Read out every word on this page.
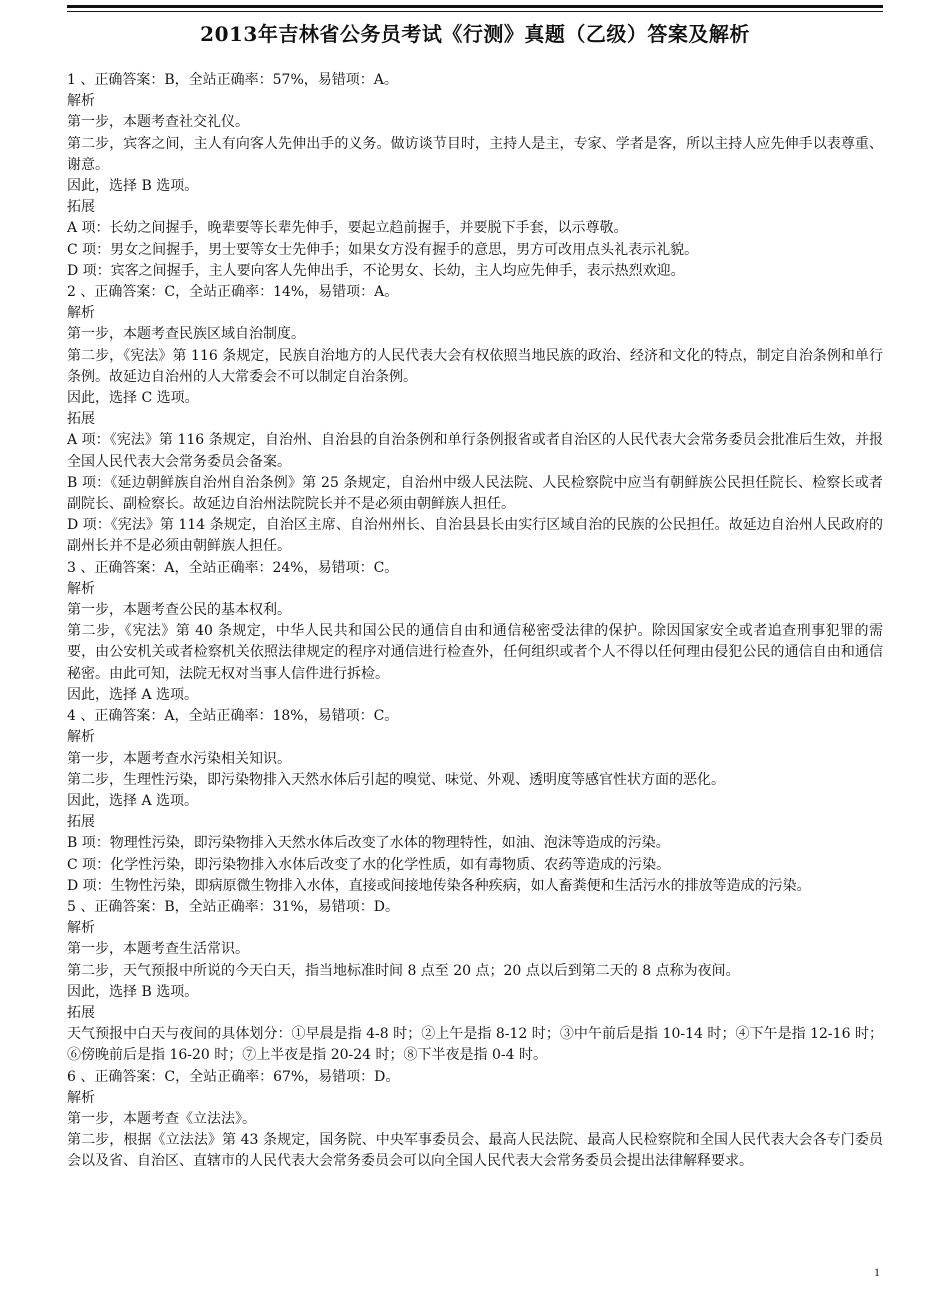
2013年吉林省公务员考试《行测》真题（乙级）答案及解析

1 、正确答案：B，全站正确率：57%，易错项：A。

解析

第一步，本题考查社交礼仪。

第二步，宾客之间，主人有向客人先伸出手的义务。做访谈节目时，主持人是主，专家、学者是客，所以主持人应先伸手以表尊重、谢意。

因此，选择 B 选项。

拓展

A 项：长幼之间握手，晚辈要等长辈先伸手，要起立趋前握手，并要脱下手套，以示尊敬。

C 项：男女之间握手，男士要等女士先伸手；如果女方没有握手的意思，男方可改用点头礼表示礼貌。

D 项：宾客之间握手，主人要向客人先伸出手，不论男女、长幼，主人均应先伸手，表示热烈欢迎。

2 、正确答案：C，全站正确率：14%，易错项：A。

解析

第一步，本题考查民族区域自治制度。

第二步，《宪法》第 116 条规定，民族自治地方的人民代表大会有权依照当地民族的政治、经济和文化的特点，制定自治条例和单行条例。故延边自治州的人大常委会不可以制定自治条例。

因此，选择 C 选项。

拓展

A 项：《宪法》第 116 条规定，自治州、自治县的自治条例和单行条例报省或者自治区的人民代表大会常务委员会批准后生效，并报全国人民代表大会常务委员会备案。

B 项：《延边朝鲜族自治州自治条例》第 25 条规定，自治州中级人民法院、人民检察院中应当有朝鲜族公民担任院长、检察长或者副院长、副检察长。故延边自治州法院院长并不是必须由朝鲜族人担任。

D 项：《宪法》第 114 条规定，自治区主席、自治州州长、自治县县长由实行区域自治的民族的公民担任。故延边自治州人民政府的副州长并不是必须由朝鲜族人担任。

3 、正确答案：A，全站正确率：24%，易错项：C。

解析

第一步，本题考查公民的基本权利。

第二步，《宪法》第 40 条规定，中华人民共和国公民的通信自由和通信秘密受法律的保护。除因国家安全或者追查刑事犯罪的需要，由公安机关或者检察机关依照法律规定的程序对通信进行检查外，任何组织或者个人不得以任何理由侵犯公民的通信自由和通信秘密。由此可知，法院无权对当事人信件进行拆检。

因此，选择 A 选项。

4 、正确答案：A，全站正确率：18%，易错项：C。

解析

第一步，本题考查水污染相关知识。

第二步，生理性污染，即污染物排入天然水体后引起的嗅觉、味觉、外观、透明度等感官性状方面的恶化。

因此，选择 A 选项。

拓展

B 项：物理性污染，即污染物排入天然水体后改变了水体的物理特性，如油、泡沫等造成的污染。

C 项：化学性污染，即污染物排入水体后改变了水的化学性质，如有毒物质、农药等造成的污染。

D 项：生物性污染，即病原微生物排入水体，直接或间接地传染各种疾病，如人畜粪便和生活污水的排放等造成的污染。

5 、正确答案：B，全站正确率：31%，易错项：D。

解析

第一步，本题考查生活常识。

第二步，天气预报中所说的今天白天，指当地标准时间 8 点至 20 点；20 点以后到第二天的 8 点称为夜间。

因此，选择 B 选项。

拓展

天气预报中白天与夜间的具体划分：①早晨是指 4-8 时；②上午是指 8-12 时；③中午前后是指 10-14 时；④下午是指 12-16 时；⑥傍晚前后是指 16-20 时；⑦上半夜是指 20-24 时；⑧下半夜是指 0-4 时。

6 、正确答案：C，全站正确率：67%，易错项：D。

解析

第一步，本题考查《立法法》。

第二步，根据《立法法》第 43 条规定，国务院、中央军事委员会、最高人民法院、最高人民检察院和全国人民代表大会各专门委员会以及省、自治区、直辖市的人民代表大会常务委员会可以向全国人民代表大会常务委员会提出法律解释要求。

1
